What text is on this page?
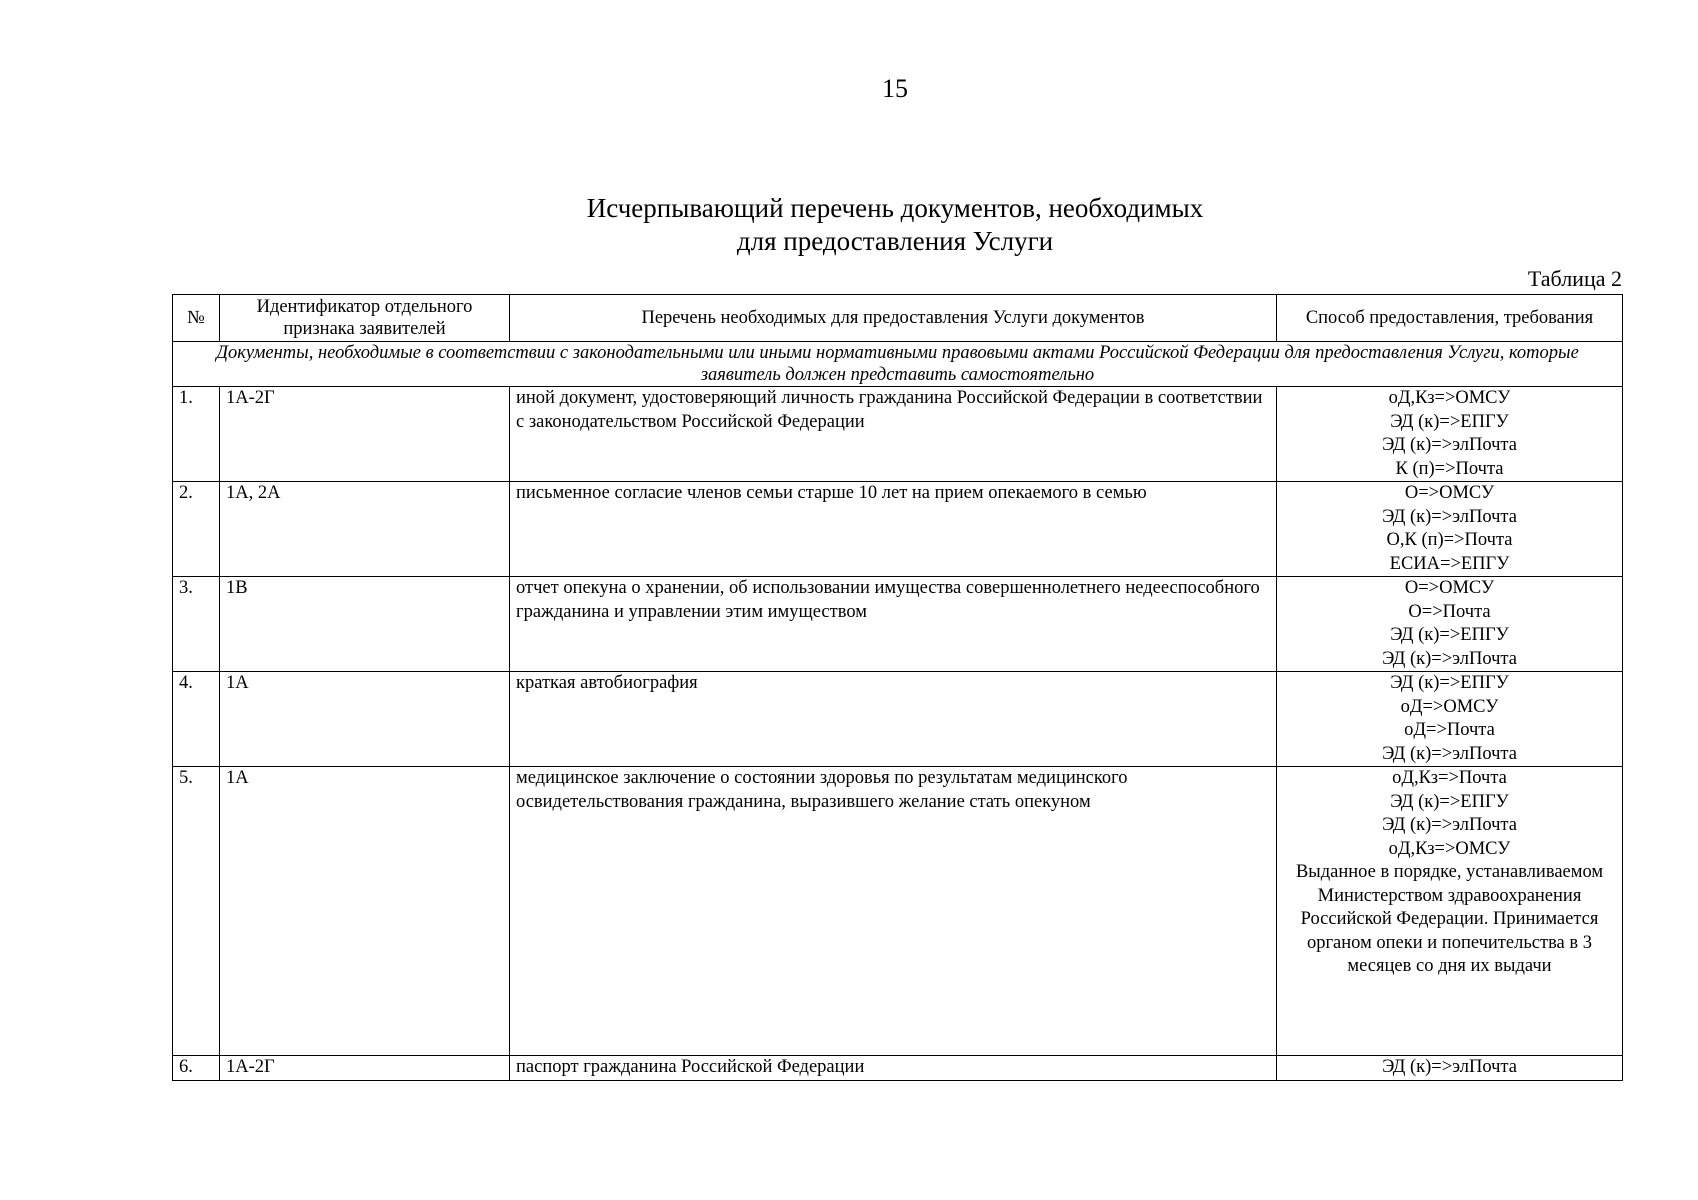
15
Исчерпывающий перечень документов, необходимых
для предоставления Услуги
Таблица 2
№	Идентификатор отдельного признака заявителей	Перечень необходимых для предоставления Услуги документов	Способ предоставления, требования
Документы, необходимые в соответствии с законодательными или иными нормативными правовыми актами Российской Федерации для предоставления Услуги, которые заявитель должен представить самостоятельно			
1.	1А-2Г	иной документ, удостоверяющий личность гражданина Российской Федерации в соответствии с законодательством Российской Федерации	оД,Кз=>ОМСУ
ЭД (к)=>ЕПГУ
ЭД (к)=>элПочта
К (п)=>Почта

2.	1А, 2А	письменное согласие членов семьи старше 10 лет на прием опекаемого в семью	О=>ОМСУ
ЭД (к)=>элПочта
О,К (п)=>Почта
ЕСИА=>ЕПГУ

3.	1В	отчет опекуна о хранении, об использовании имущества совершеннолетнего недееспособного гражданина и управлении этим имуществом	О=>ОМСУ
О=>Почта
ЭД (к)=>ЕПГУ
ЭД (к)=>элПочта

4.	1А	краткая автобиография	ЭД (к)=>ЕПГУ
оД=>ОМСУ
оД=>Почта
ЭД (к)=>элПочта

5.	1А	медицинское заключение о состоянии здоровья по результатам медицинского освидетельствования гражданина, выразившего желание стать опекуном	оД,Кз=>Почта
ЭД (к)=>ЕПГУ
ЭД (к)=>элПочта
оД,Кз=>ОМСУ
Выданное в порядке, устанавливаемом Министерством здравоохранения Российской Федерации. Принимается органом опеки и попечительства в 3 месяцев со дня их выдачи

6.	1А-2Г	паспорт гражданина Российской Федерации	ЭД (к)=>элПочта
